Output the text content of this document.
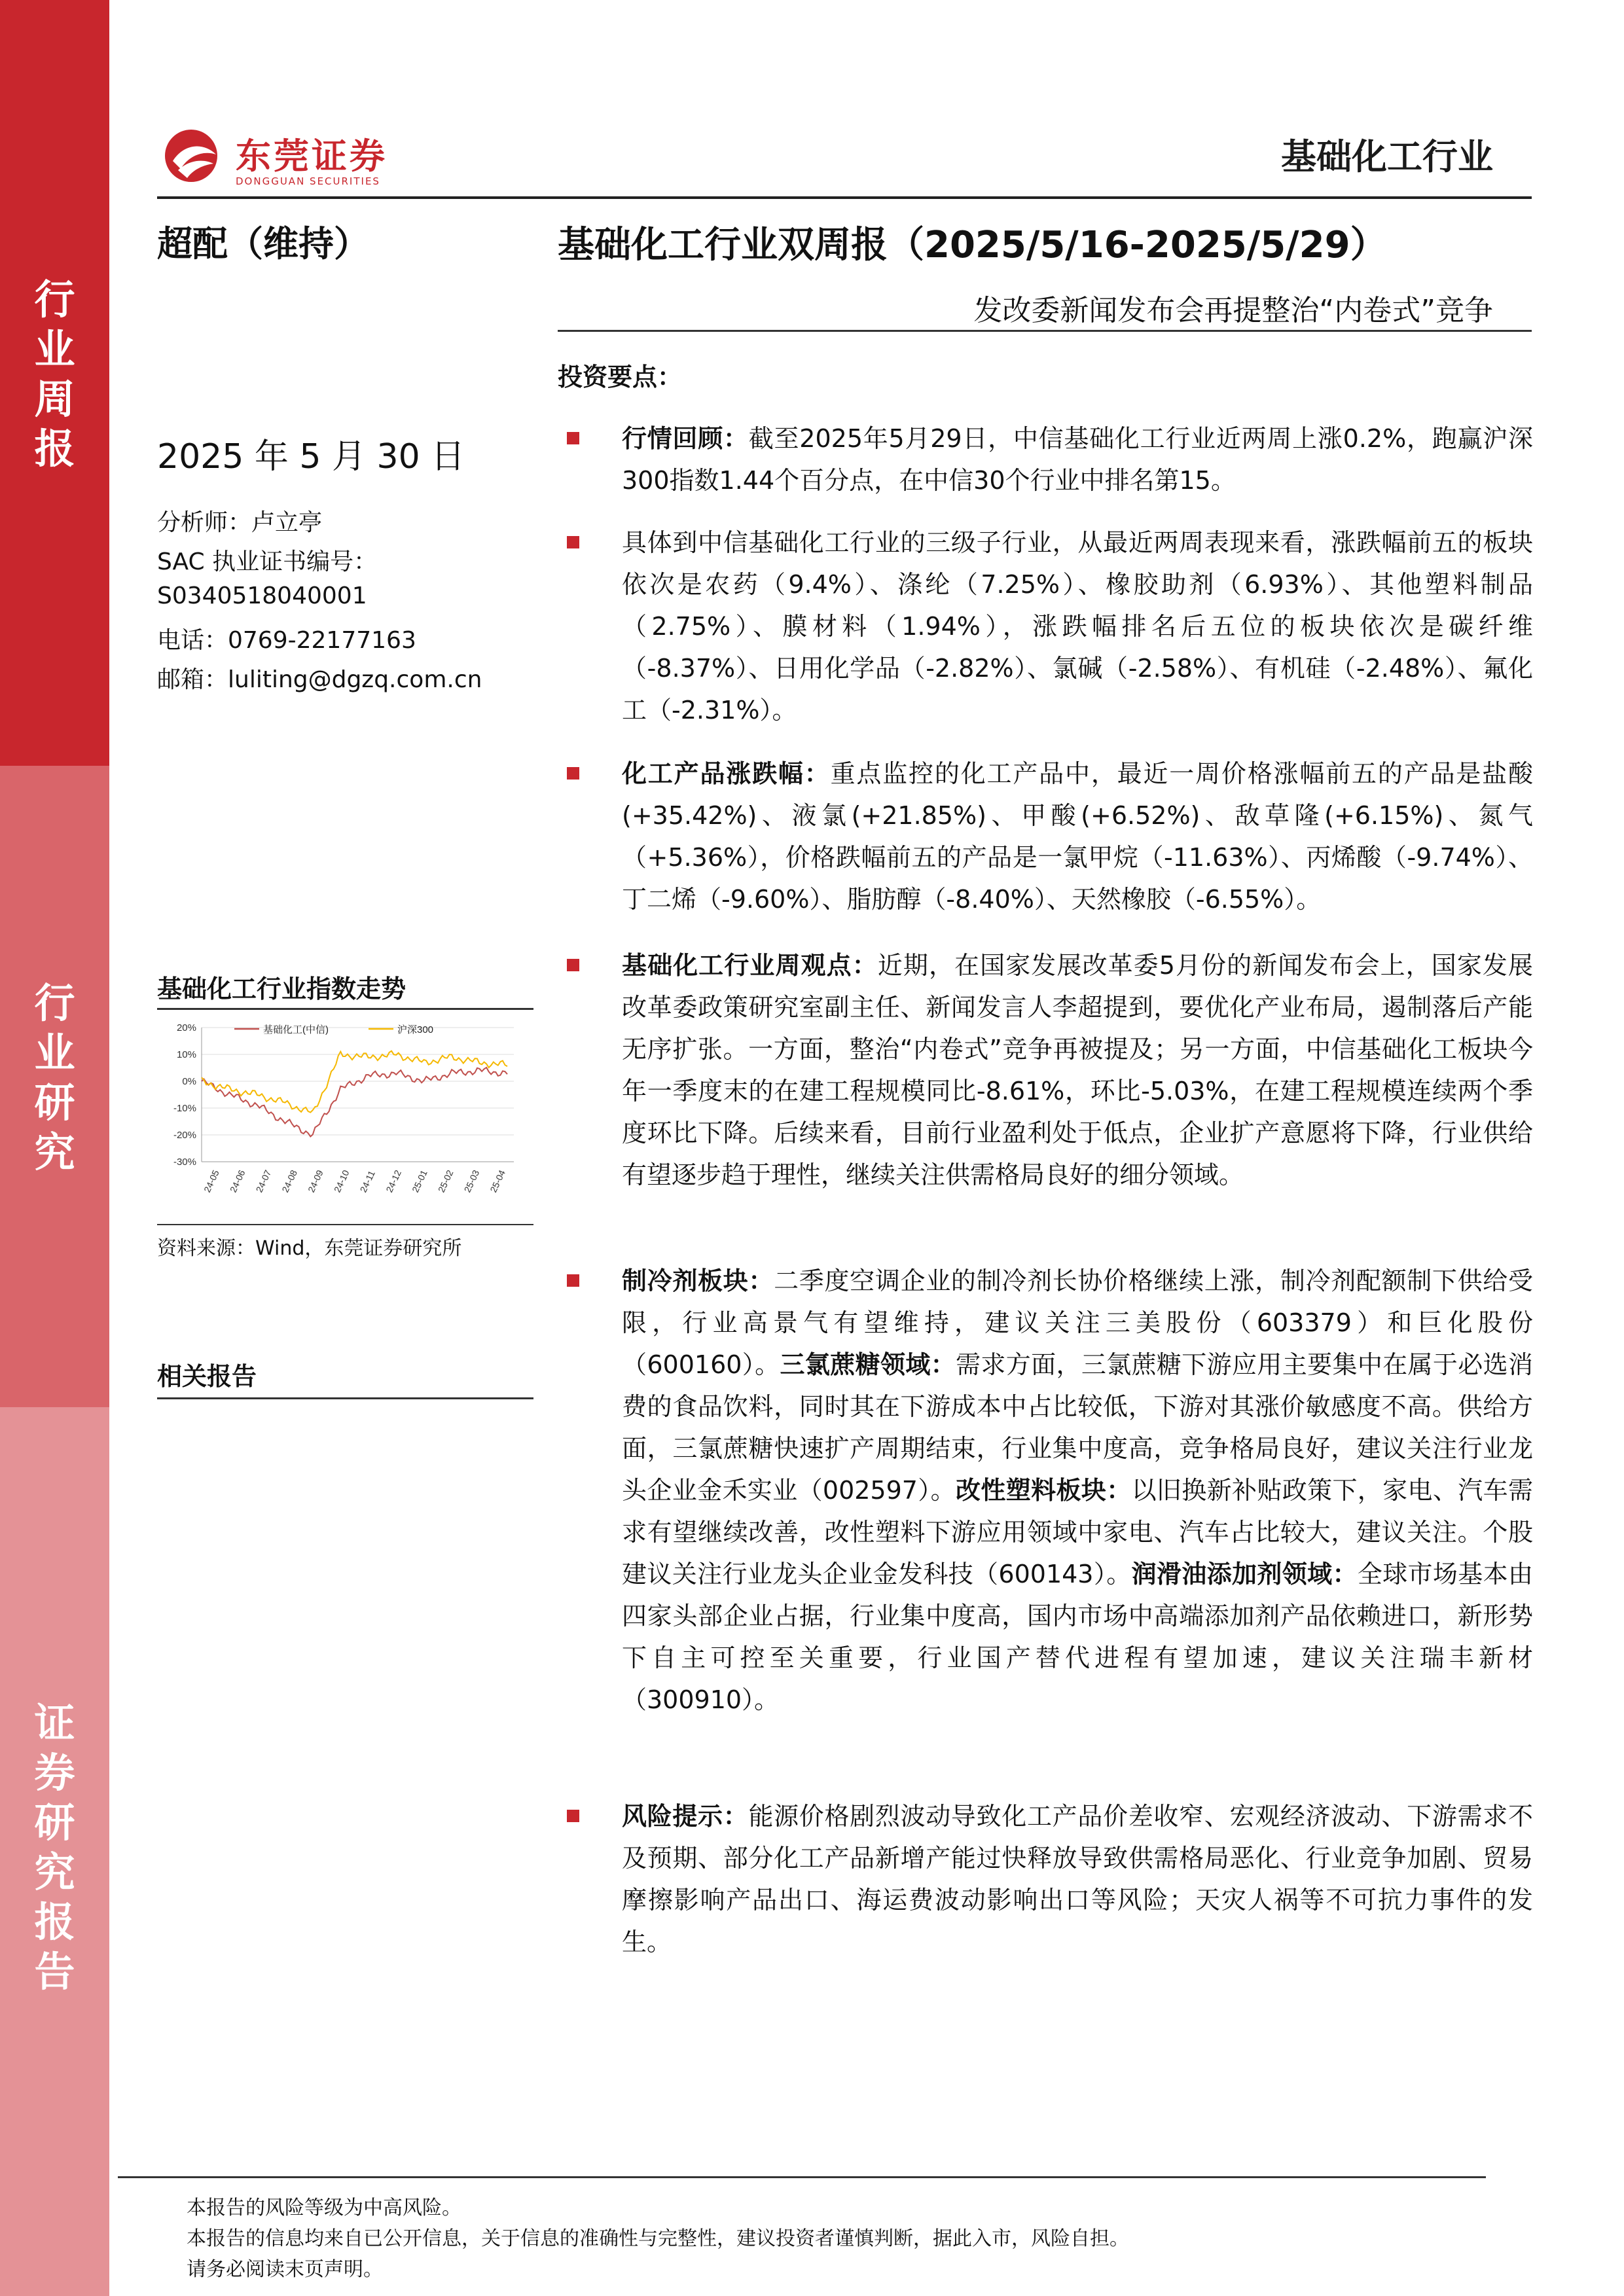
行
业
周
报
行
业
研
究
证
券
研
究
报
告
东莞证券
DONGGUAN SECURITIES
基础化工行业
超配（维持）	基础化工行业双周报（2025/5/16-2025/5/29）
发改委新闻发布会再提整治“内卷式”竞争
2025 年 5 月 30 日
分析师：卢立亭
SAC 执业证书编号：
S0340518040001
电话：0769-22177163
邮箱：luliting@dgzq.com.cn
基础化工行业指数走势
20%
10%
0%
-10%
-20%
-30%
24-05 24-06 24-07 24-08 24-09 24-10 24-11 24-12 25-01 25-02 25-03 25-04
基础化工(中信)	沪深300
资料来源：Wind，东莞证券研究所
相关报告
投资要点：
行情回顾：截至2025年5月29日，中信基础化工行业近两周上涨0.2%，跑赢沪深300指数1.44个百分点，在中信30个行业中排名第15。
具体到中信基础化工行业的三级子行业，从最近两周表现来看，涨跌幅前五的板块依次是农药（9.4%）、涤纶（7.25%）、橡胶助剂（6.93%）、其他塑料制品（2.75%）、膜材料（1.94%），涨跌幅排名后五位的板块依次是碳纤维（-8.37%）、日用化学品（-2.82%）、氯碱（-2.58%）、有机硅（-2.48%）、氟化工（-2.31%）。
化工产品涨跌幅：重点监控的化工产品中，最近一周价格涨幅前五的产品是盐酸(+35.42%)、液氯(+21.85%)、甲酸(+6.52%)、敌草隆(+6.15%)、氮气（+5.36%），价格跌幅前五的产品是一氯甲烷（-11.63%）、丙烯酸（-9.74%）、丁二烯（-9.60%）、脂肪醇（-8.40%）、天然橡胶（-6.55%）。
基础化工行业周观点：近期，在国家发展改革委5月份的新闻发布会上，国家发展改革委政策研究室副主任、新闻发言人李超提到，要优化产业布局，遏制落后产能无序扩张。一方面，整治“内卷式”竞争再被提及；另一方面，中信基础化工板块今年一季度末的在建工程规模同比-8.61%，环比-5.03%，在建工程规模连续两个季度环比下降。后续来看，目前行业盈利处于低点，企业扩产意愿将下降，行业供给有望逐步趋于理性，继续关注供需格局良好的细分领域。
制冷剂板块：二季度空调企业的制冷剂长协价格继续上涨，制冷剂配额制下供给受限，行业高景气有望维持，建议关注三美股份（603379）和巨化股份（600160）。三氯蔗糖领域：需求方面，三氯蔗糖下游应用主要集中在属于必选消费的食品饮料，同时其在下游成本中占比较低，下游对其涨价敏感度不高。供给方面，三氯蔗糖快速扩产周期结束，行业集中度高，竞争格局良好，建议关注行业龙头企业金禾实业（002597）。改性塑料板块：以旧换新补贴政策下，家电、汽车需求有望继续改善，改性塑料下游应用领域中家电、汽车占比较大，建议关注。个股建议关注行业龙头企业金发科技（600143）。润滑油添加剂领域：全球市场基本由四家头部企业占据，行业集中度高，国内市场中高端添加剂产品依赖进口，新形势下自主可控至关重要，行业国产替代进程有望加速，建议关注瑞丰新材（300910）。
风险提示：能源价格剧烈波动导致化工产品价差收窄、宏观经济波动、下游需求不及预期、部分化工产品新增产能过快释放导致供需格局恶化、行业竞争加剧、贸易摩擦影响产品出口、海运费波动影响出口等风险；天灾人祸等不可抗力事件的发生。
本报告的风险等级为中高风险。
本报告的信息均来自已公开信息，关于信息的准确性与完整性，建议投资者谨慎判断，据此入市，风险自担。
请务必阅读末页声明。
